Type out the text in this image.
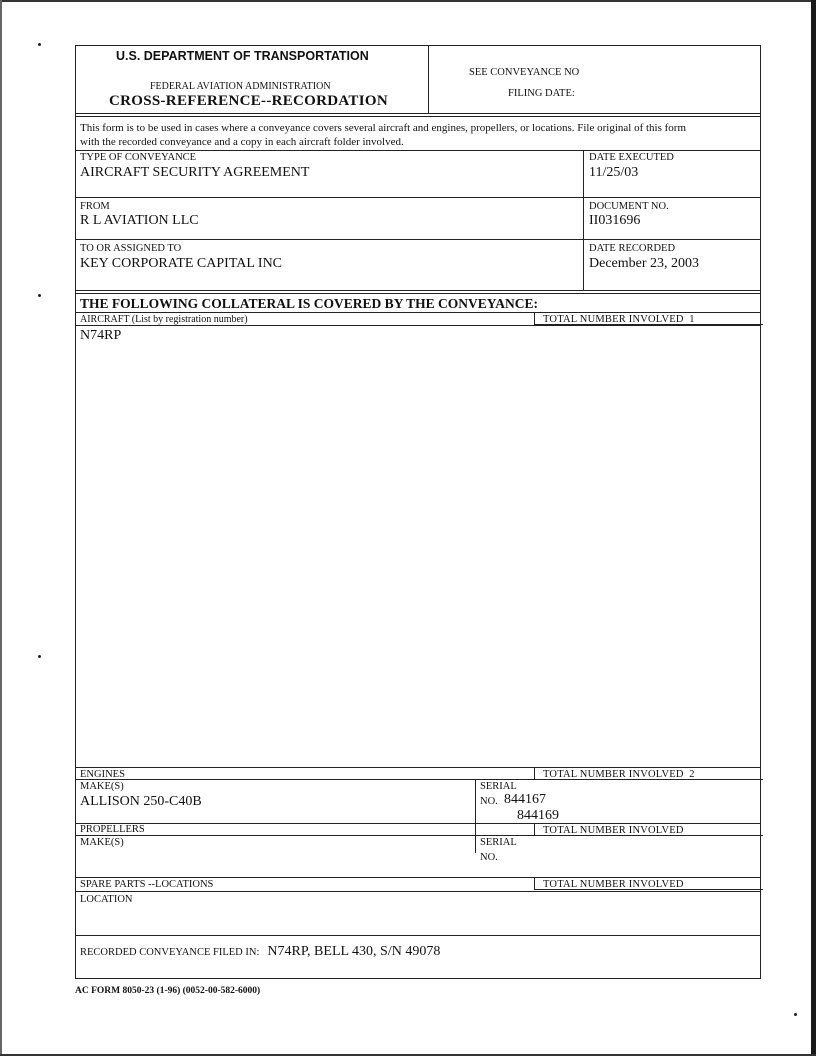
U.S. DEPARTMENT OF TRANSPORTATION
FEDERAL AVIATION ADMINISTRATION
CROSS-REFERENCE--RECORDATION
SEE CONVEYANCE NO
FILING DATE:
This form is to be used in cases where a conveyance covers several aircraft and engines, propellers, or locations. File original of this form
with the recorded conveyance and a copy in each aircraft folder involved.
TYPE OF CONVEYANCE
AIRCRAFT SECURITY AGREEMENT
DATE EXECUTED
11/25/03
FROM
R L AVIATION LLC
DOCUMENT NO.
II031696
TO OR ASSIGNED TO
KEY CORPORATE CAPITAL INC
DATE RECORDED
December 23, 2003
THE FOLLOWING COLLATERAL IS COVERED BY THE CONVEYANCE:
AIRCRAFT (List by registration number)	TOTAL NUMBER INVOLVED 1
N74RP
ENGINES	TOTAL NUMBER INVOLVED 2
MAKE(S)
ALLISON 250-C40B
SERIAL
NO. 844167
844169
PROPELLERS	TOTAL NUMBER INVOLVED
MAKE(S)	SERIAL
NO.
SPARE PARTS --LOCATIONS	TOTAL NUMBER INVOLVED
LOCATION
RECORDED CONVEYANCE FILED IN: N74RP, BELL 430, S/N 49078
AC FORM 8050-23 (1-96) (0052-00-582-6000)
